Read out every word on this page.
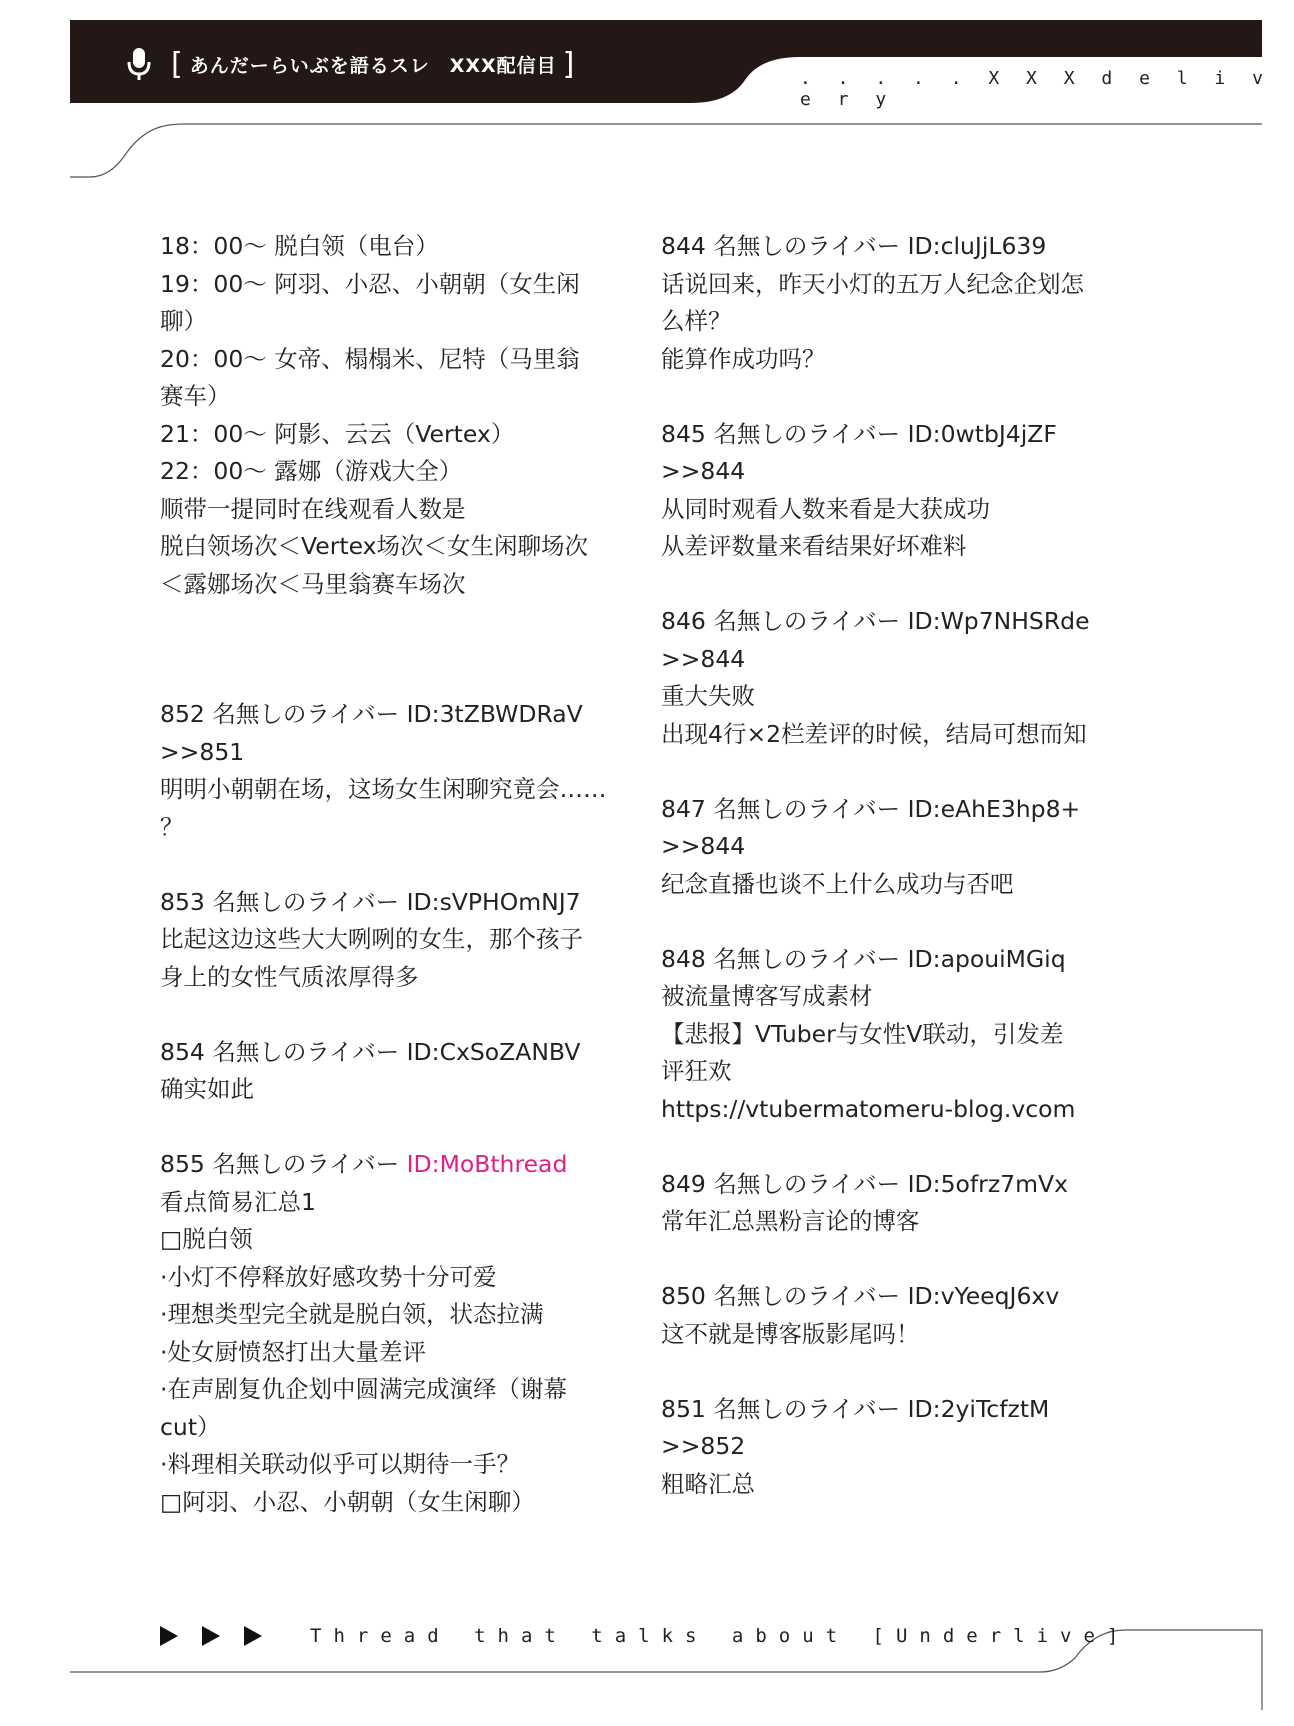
[ あんだーらいぶを語るスレ　XXX配信目 ]	. . . . . X X X d e l i v e r y
18：00～ 脱白领（电台）
19：00～ 阿羽、小忍、小朝朝（女生闲
聊）
20：00～ 女帝、榻榻米、尼特（马里翁
赛车）
21：00～ 阿影、云云（Vertex）
22：00～ 露娜（游戏大全）
顺带一提同时在线观看人数是
脱白领场次＜Vertex场次＜女生闲聊场次
＜露娜场次＜马里翁赛车场次
852 名無しのライバー ID:3tZBWDRaV
>>851
明明小朝朝在场，这场女生闲聊究竟会……
？
853 名無しのライバー ID:sVPHOmNJ7
比起这边这些大大咧咧的女生，那个孩子
身上的女性气质浓厚得多
854 名無しのライバー ID:CxSoZANBV
确实如此
855 名無しのライバー ID:MoBthread
看点简易汇总1
□脱白领
·小灯不停释放好感攻势十分可爱
·理想类型完全就是脱白领，状态拉满
·处女厨愤怒打出大量差评
·在声剧复仇企划中圆满完成演绎（谢幕
cut）
·料理相关联动似乎可以期待一手？
□阿羽、小忍、小朝朝（女生闲聊）
844 名無しのライバー ID:cluJjL639
话说回来，昨天小灯的五万人纪念企划怎
么样？
能算作成功吗？
845 名無しのライバー ID:0wtbJ4jZF
>>844
从同时观看人数来看是大获成功
从差评数量来看结果好坏难料
846 名無しのライバー ID:Wp7NHSRde
>>844
重大失败
出现4行×2栏差评的时候，结局可想而知
847 名無しのライバー ID:eAhE3hp8+
>>844
纪念直播也谈不上什么成功与否吧
848 名無しのライバー ID:apouiMGiq
被流量博客写成素材
【悲报】VTuber与女性V联动，引发差
评狂欢
https://vtubermatomeru-blog.vcom
849 名無しのライバー ID:5ofrz7mVx
常年汇总黑粉言论的博客
850 名無しのライバー ID:vYeeqJ6xv
这不就是博客版影尾吗！
851 名無しのライバー ID:2yiTcfztM
>>852
粗略汇总
Thread that talks about [Underlive]
